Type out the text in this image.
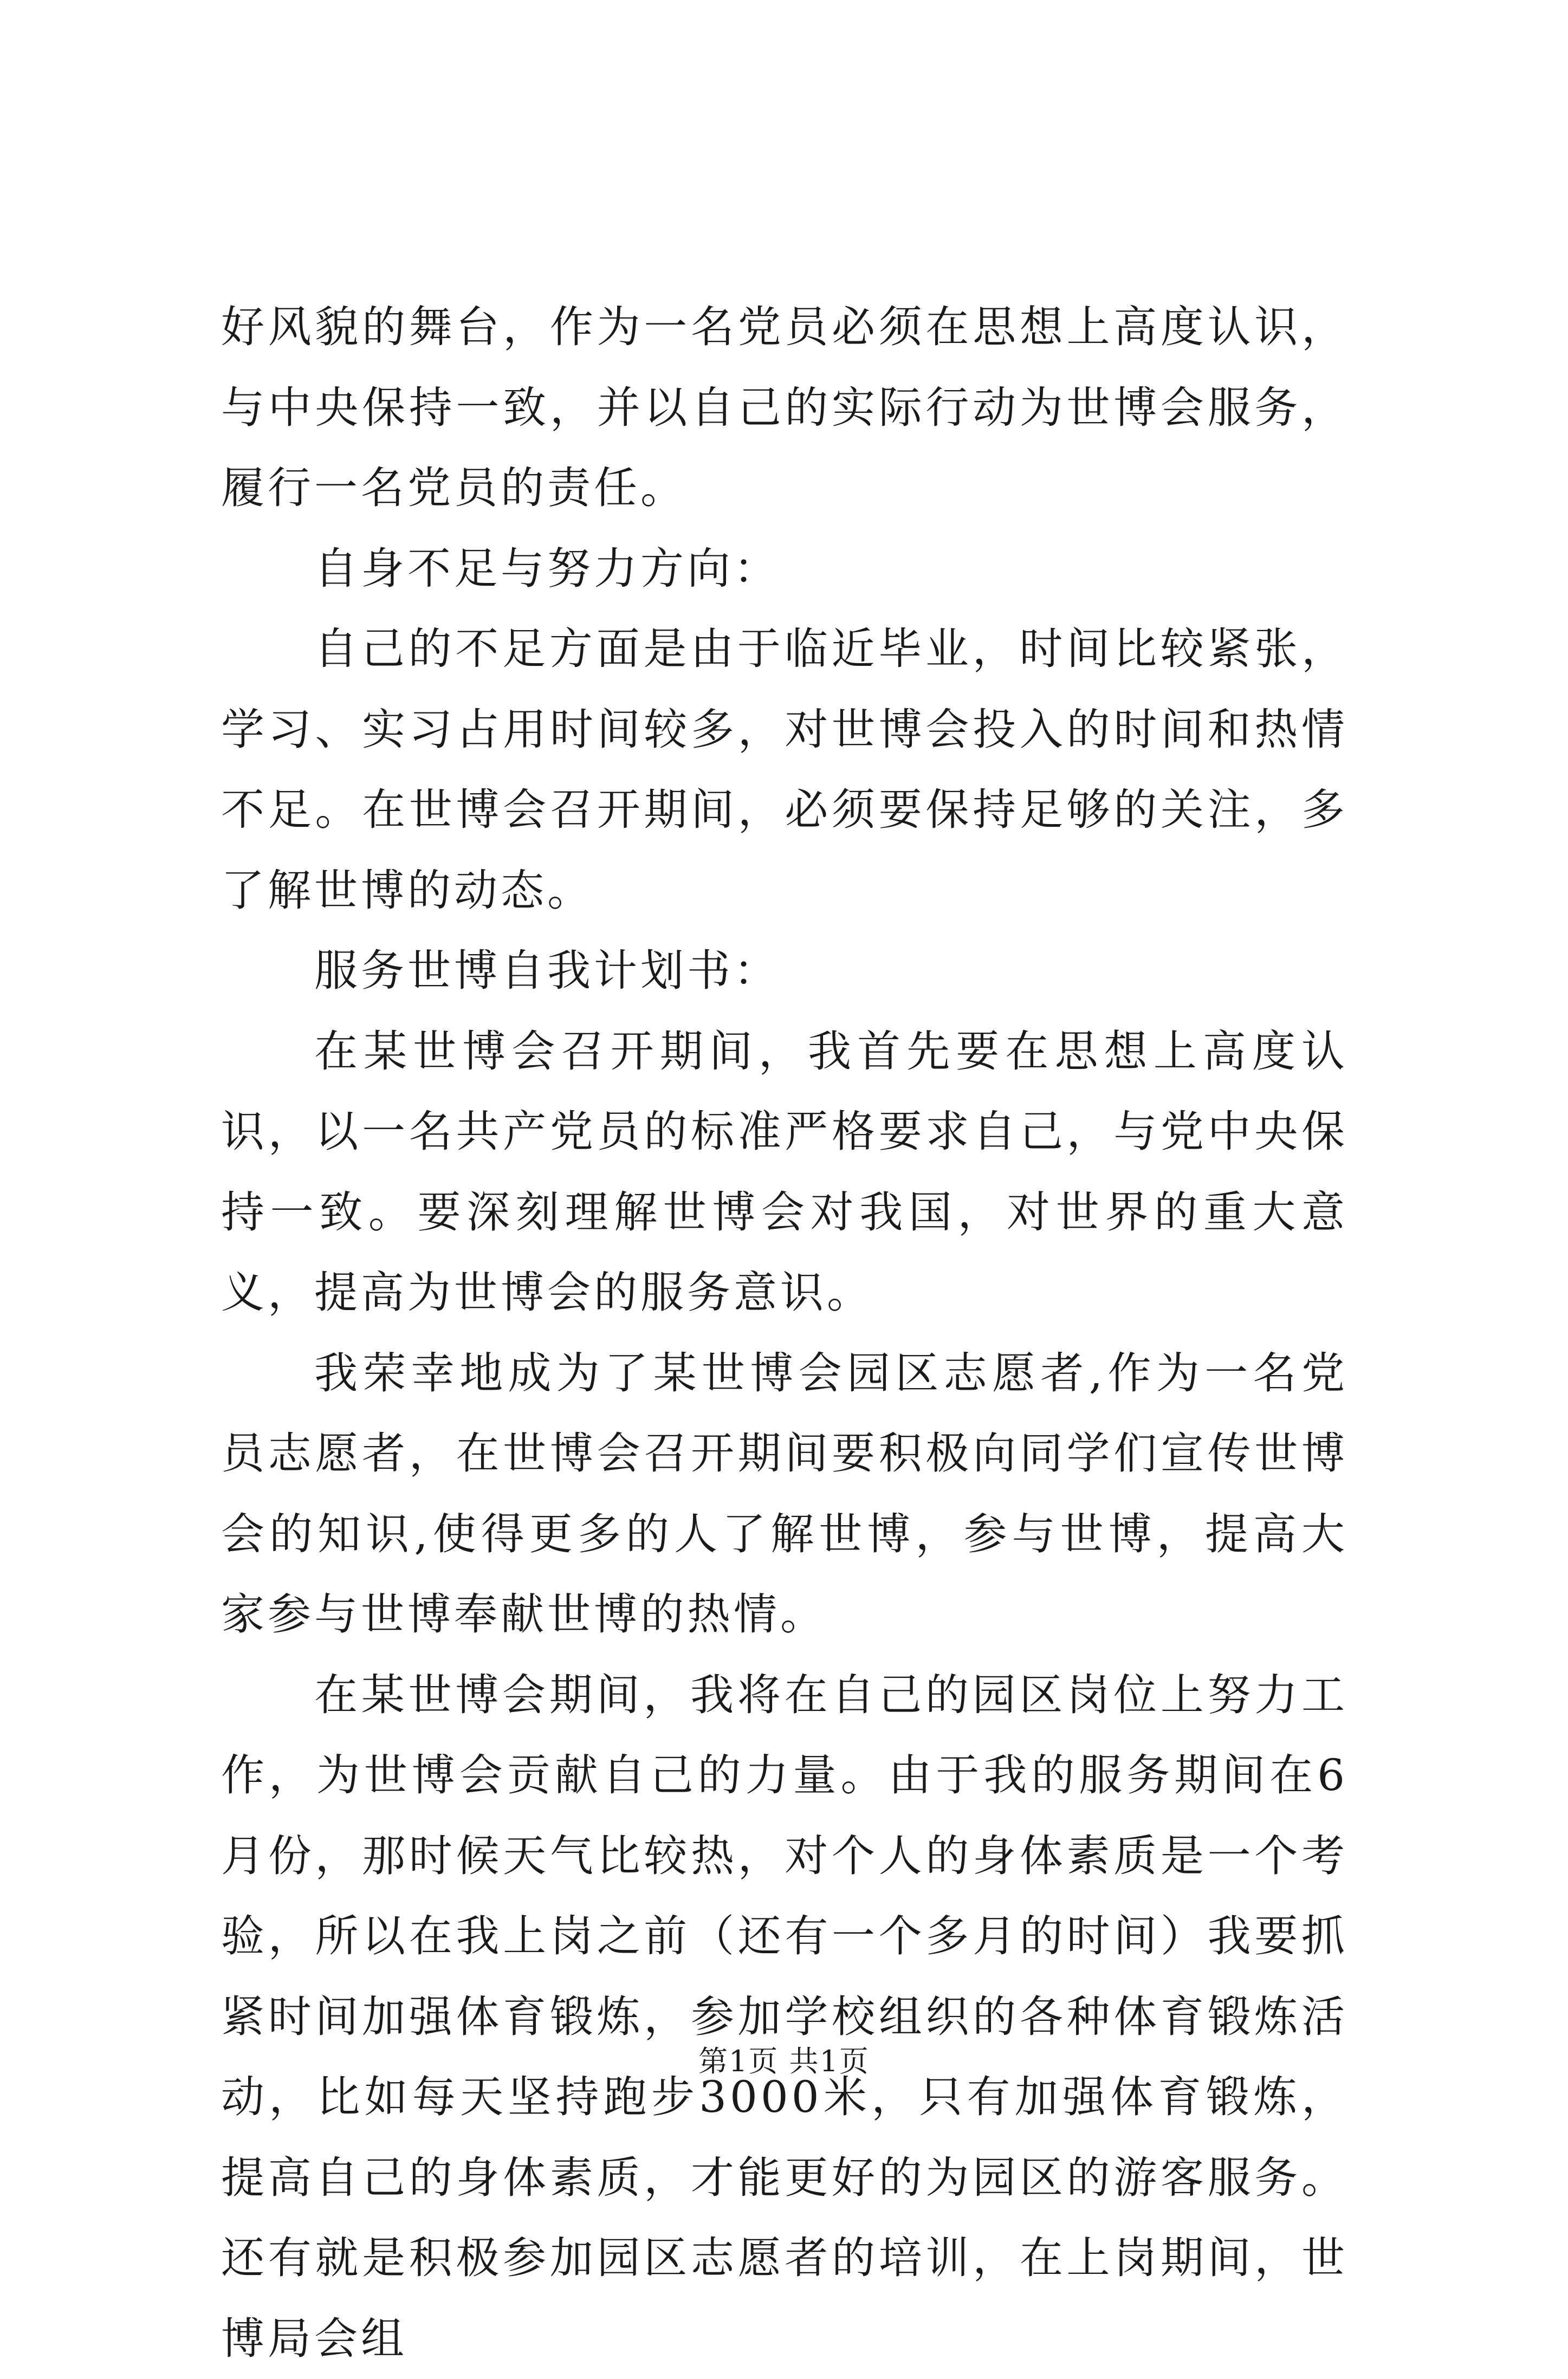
好风貌的舞台，作为一名党员必须在思想上高度认识，与中央保持一致，并以自己的实际行动为世博会服务，履行一名党员的责任。

自身不足与努力方向：

自己的不足方面是由于临近毕业，时间比较紧张，学习、实习占用时间较多，对世博会投入的时间和热情不足。在世博会召开期间，必须要保持足够的关注，多了解世博的动态。

服务世博自我计划书：

在某世博会召开期间，我首先要在思想上高度认识，以一名共产党员的标准严格要求自己，与党中央保持一致。要深刻理解世博会对我国，对世界的重大意义，提高为世博会的服务意识。

我荣幸地成为了某世博会园区志愿者,作为一名党员志愿者，在世博会召开期间要积极向同学们宣传世博会的知识,使得更多的人了解世博，参与世博，提高大家参与世博奉献世博的热情。

在某世博会期间，我将在自己的园区岗位上努力工作，为世博会贡献自己的力量。由于我的服务期间在6月份，那时候天气比较热，对个人的身体素质是一个考验，所以在我上岗之前（还有一个多月的时间）我要抓紧时间加强体育锻炼，参加学校组织的各种体育锻炼活动，比如每天坚持跑步3000米，只有加强体育锻炼，提高自己的身体素质，才能更好的为园区的游客服务。还有就是积极参加园区志愿者的培训，在上岗期间，世博局会组

第1页 共1页
